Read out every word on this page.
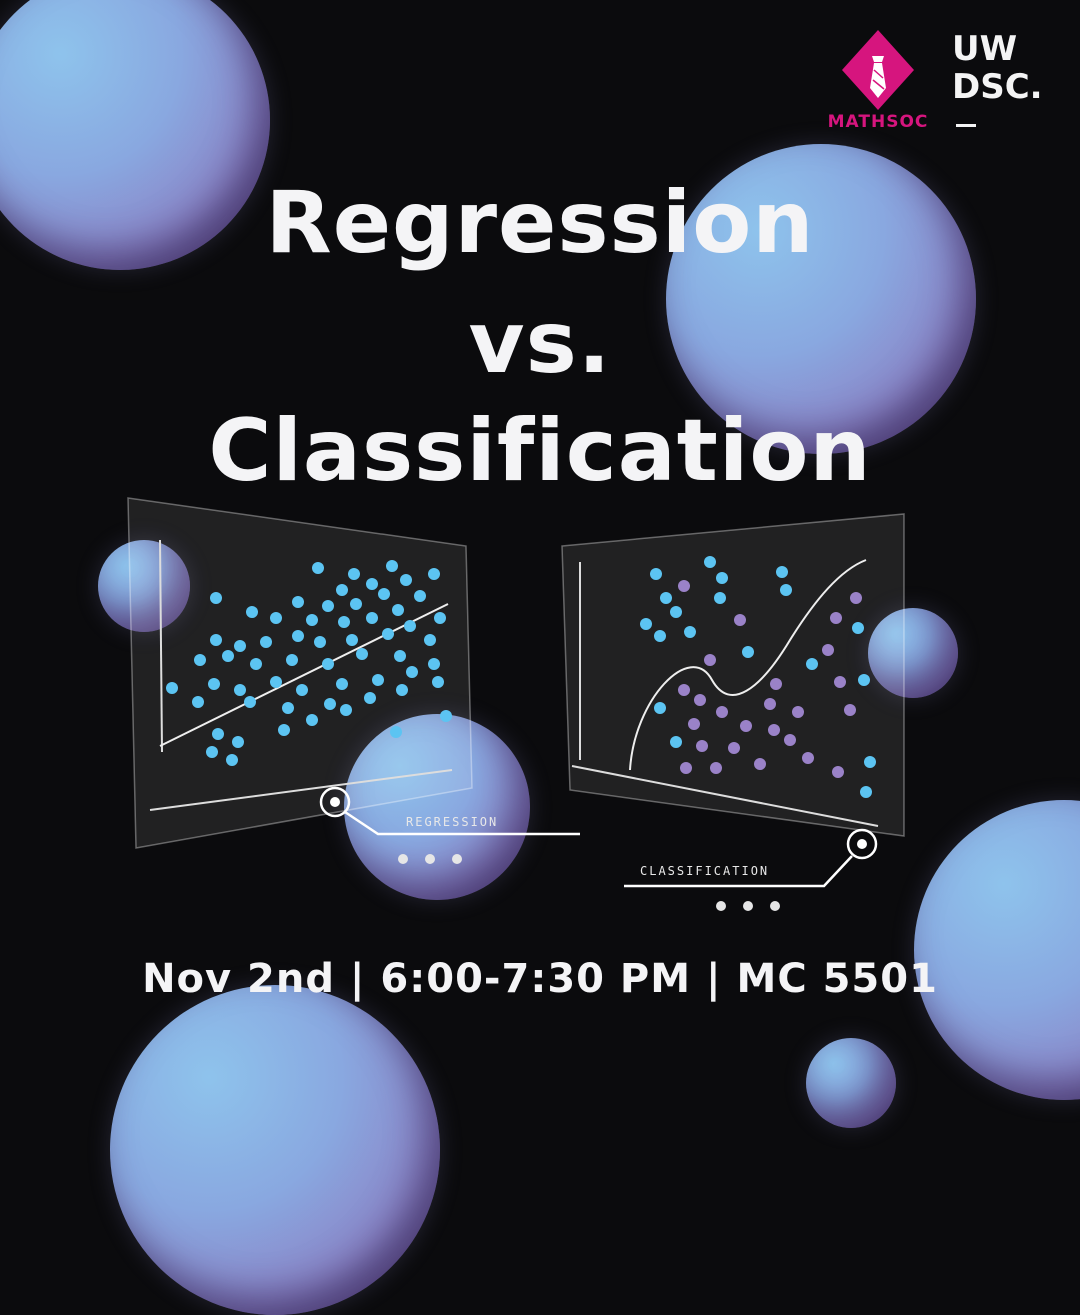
MATHSOC
UW
DSC.
Regression
vs.
Classification
REGRESSION
CLASSIFICATION
Nov 2nd | 6:00-7:30 PM | MC 5501
